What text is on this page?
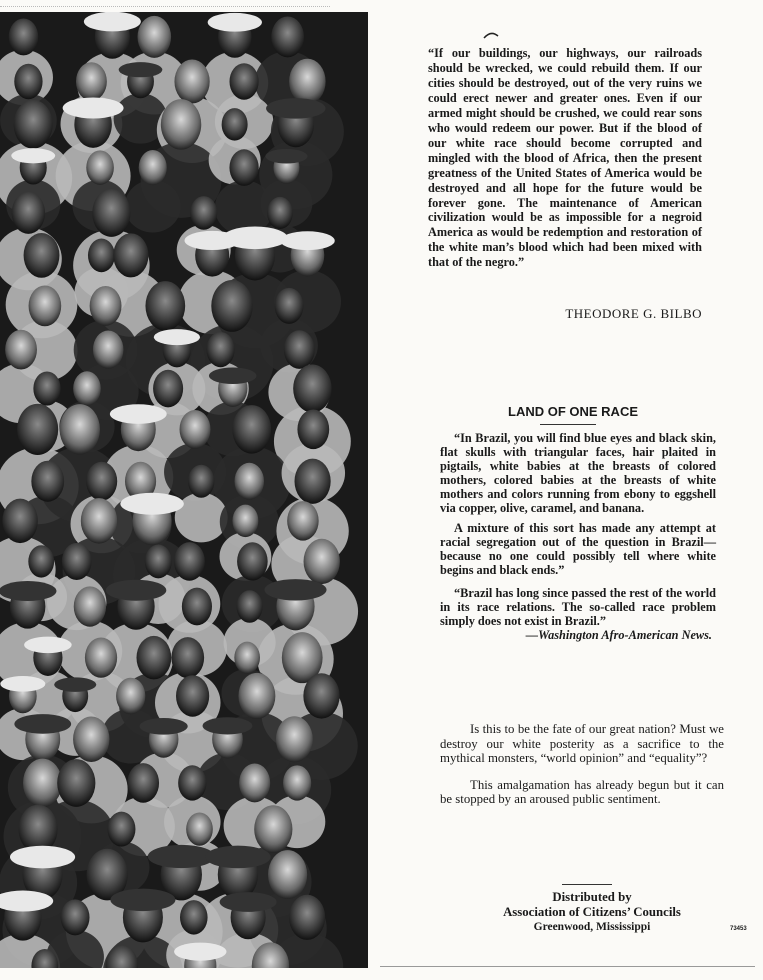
“If our buildings, our highways, our railroads should be wrecked, we could rebuild them. If our cities should be destroyed, out of the very ruins we could erect newer and greater ones. Even if our armed might should be crushed, we could rear sons who would redeem our power. But if the blood of our white race should become corrupted and mingled with the blood of Africa, then the present greatness of the United States of America would be destroyed and all hope for the future would be forever gone. The maintenance of American civilization would be as impossible for a negroid America as would be redemption and restoration of the white man’s blood which had been mixed with that of the negro.”
THEODORE G. BILBO
LAND OF ONE RACE

“In Brazil, you will find blue eyes and black skin, flat skulls with triangular faces, hair plaited in pigtails, white babies at the breasts of colored mothers, colored babies at the breasts of white mothers and colors running from ebony to eggshell via copper, olive, caramel, and banana.

A mixture of this sort has made any attempt at racial segregation out of the question in Brazil—because no one could possibly tell where white begins and black ends.”

“Brazil has long since passed the rest of the world in its race relations. The so-called race problem simply does not exist in Brazil.”

—Washington Afro-American News.

Is this to be the fate of our great nation? Must we destroy our white posterity as a sacrifice to the mythical monsters, “world opinion” and “equality”?

This amalgamation has already begun but it can be stopped by an aroused public sentiment.

Distributed by
Association of Citizens’ Councils
Greenwood, Mississippi	73453
